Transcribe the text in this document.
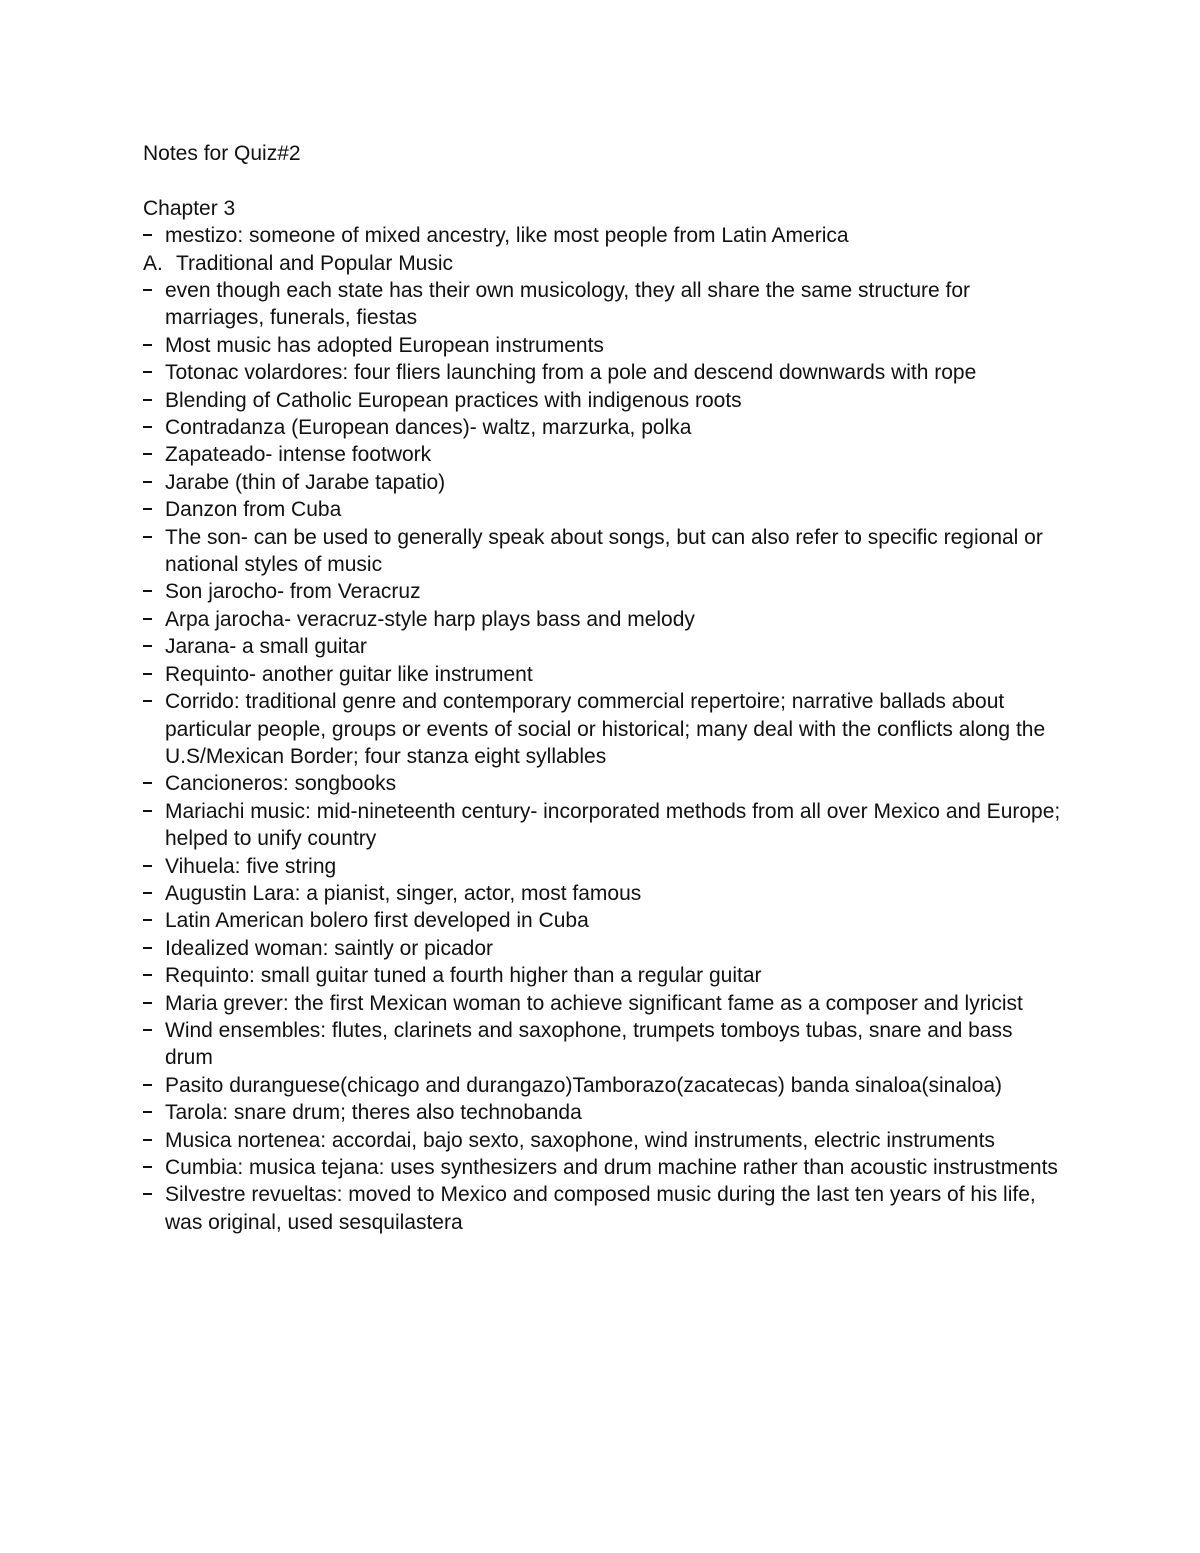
Notes for Quiz#2
Chapter 3
mestizo: someone of mixed ancestry, like most people from Latin America
A. Traditional and Popular Music
even though each state has their own musicology, they all share the same structure for marriages, funerals, fiestas
Most music has adopted European instruments
Totonac volardores: four fliers launching from a pole and descend downwards with rope
Blending of Catholic European practices with indigenous roots
Contradanza (European dances)- waltz, marzurka, polka
Zapateado- intense footwork
Jarabe (thin of Jarabe tapatio)
Danzon from Cuba
The son- can be used to generally speak about songs, but can also refer to specific regional or national styles of music
Son jarocho- from Veracruz
Arpa jarocha- veracruz-style harp plays bass and melody
Jarana- a small guitar
Requinto- another guitar like instrument
Corrido: traditional genre and contemporary commercial repertoire; narrative ballads about particular people, groups or events of social or historical; many deal with the conflicts along the U.S/Mexican Border; four stanza eight syllables
Cancioneros: songbooks
Mariachi music: mid-nineteenth century- incorporated methods from all over Mexico and Europe; helped to unify country
Vihuela: five string
Augustin Lara: a pianist, singer, actor, most famous
Latin American bolero first developed in Cuba
Idealized woman: saintly or picador
Requinto: small guitar tuned a fourth higher than a regular guitar
Maria grever: the first Mexican woman to achieve significant fame as a composer and lyricist
Wind ensembles: flutes, clarinets and saxophone, trumpets tomboys tubas, snare and bass drum
Pasito duranguese(chicago and durangazo)Tamborazo(zacatecas) banda sinaloa(sinaloa)
Tarola: snare drum; theres also technobanda
Musica nortenea: accordai, bajo sexto, saxophone, wind instruments, electric instruments
Cumbia: musica tejana: uses synthesizers and drum machine rather than acoustic instrustments
Silvestre revueltas: moved to Mexico and composed music during the last ten years of his life, was original, used sesquilastera
